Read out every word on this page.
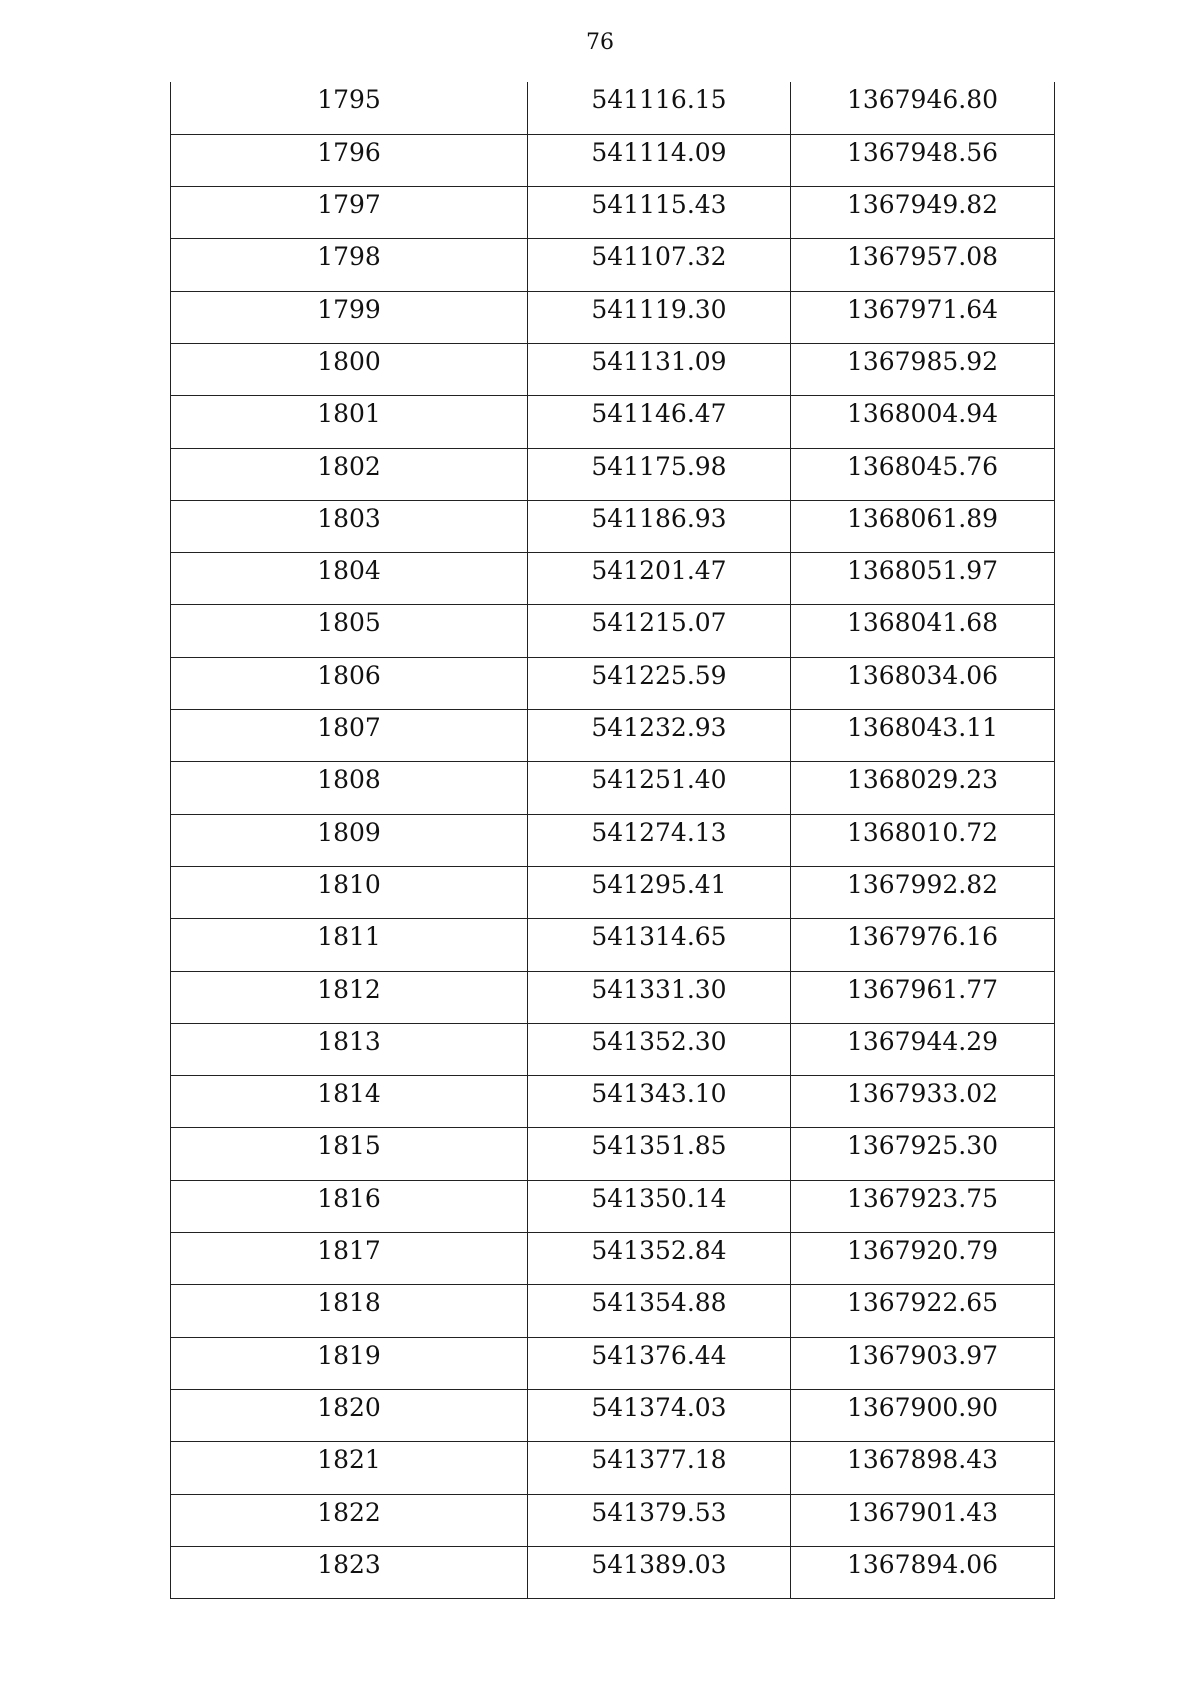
76
1795	541116.15	1367946.80

1796	541114.09	1367948.56

1797	541115.43	1367949.82

1798	541107.32	1367957.08

1799	541119.30	1367971.64

1800	541131.09	1367985.92

1801	541146.47	1368004.94

1802	541175.98	1368045.76

1803	541186.93	1368061.89

1804	541201.47	1368051.97

1805	541215.07	1368041.68

1806	541225.59	1368034.06

1807	541232.93	1368043.11

1808	541251.40	1368029.23

1809	541274.13	1368010.72

1810	541295.41	1367992.82

1811	541314.65	1367976.16

1812	541331.30	1367961.77

1813	541352.30	1367944.29

1814	541343.10	1367933.02

1815	541351.85	1367925.30

1816	541350.14	1367923.75

1817	541352.84	1367920.79

1818	541354.88	1367922.65

1819	541376.44	1367903.97

1820	541374.03	1367900.90

1821	541377.18	1367898.43

1822	541379.53	1367901.43

1823	541389.03	1367894.06
